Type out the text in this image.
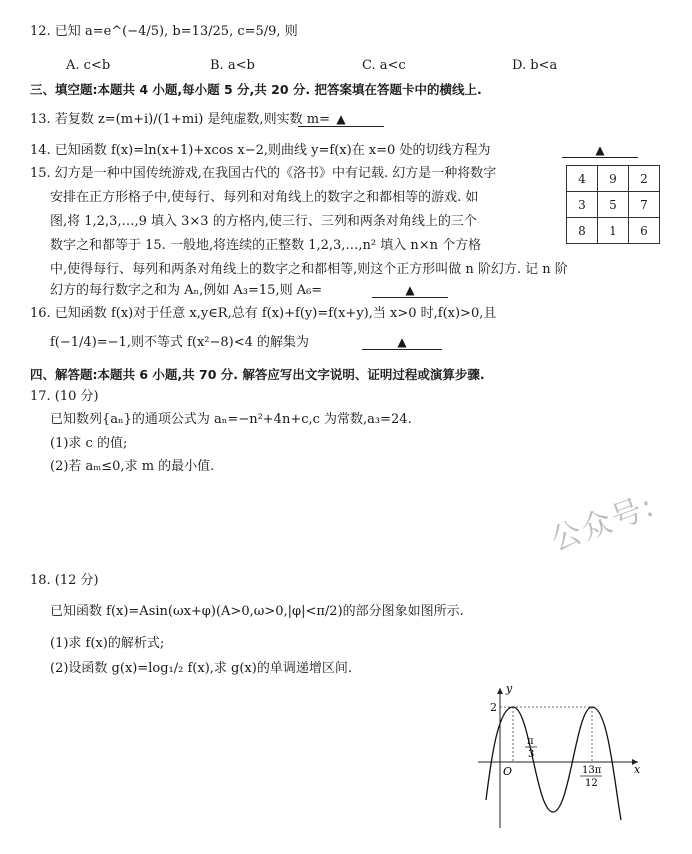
12. 已知 a=e^(−4/5), b=13/25, c=5/9, 则
A. c<b	B. a<b	C. a<c	D. b<a
三、填空题:本题共 4 小题,每小题 5 分,共 20 分. 把答案填在答题卡中的横线上.
13. 若复数 z=(m+i)/(1+mi) 是纯虚数,则实数 m= ▲
14. 已知函数 f(x)=ln(x+1)+xcos x−2,则曲线 y=f(x)在 x=0 处的切线方程为	▲
15. 幻方是一种中国传统游戏,在我国古代的《洛书》中有记载. 幻方是一种将数字
安排在正方形格子中,使每行、每列和对角线上的数字之和都相等的游戏. 如
图,将 1,2,3,…,9 填入 3×3 的方格内,使三行、三列和两条对角线上的三个
数字之和都等于 15. 一般地,将连续的正整数 1,2,3,…,n² 填入 n×n 个方格
中,使得每行、每列和两条对角线上的数字之和都相等,则这个正方形叫做 n 阶幻方. 记 n 阶
幻方的每行数字之和为 Aₙ,例如 A₃=15,则 A₆=	▲
4	9	2
3	5	7
8	1	6
16. 已知函数 f(x)对于任意 x,y∈R,总有 f(x)+f(y)=f(x+y),当 x>0 时,f(x)>0,且
f(−1/4)=−1,则不等式 f(x²−8)<4 的解集为	▲
四、解答题:本题共 6 小题,共 70 分. 解答应写出文字说明、证明过程或演算步骤.
17. (10 分)
已知数列{aₙ}的通项公式为 aₙ=−n²+4n+c,c 为常数,a₃=24.
(1)求 c 的值;
(2)若 aₘ≤0,求 m 的最小值.
公众号:
18. (12 分)
已知函数 f(x)=Asin(ωx+φ)(A>0,ω>0,|φ|<π/2)的部分图象如图所示.
(1)求 f(x)的解析式;
(2)设函数 g(x)=log₁/₂ f(x),求 g(x)的单调递增区间.
y
x
O
2
π
3
13π
12
